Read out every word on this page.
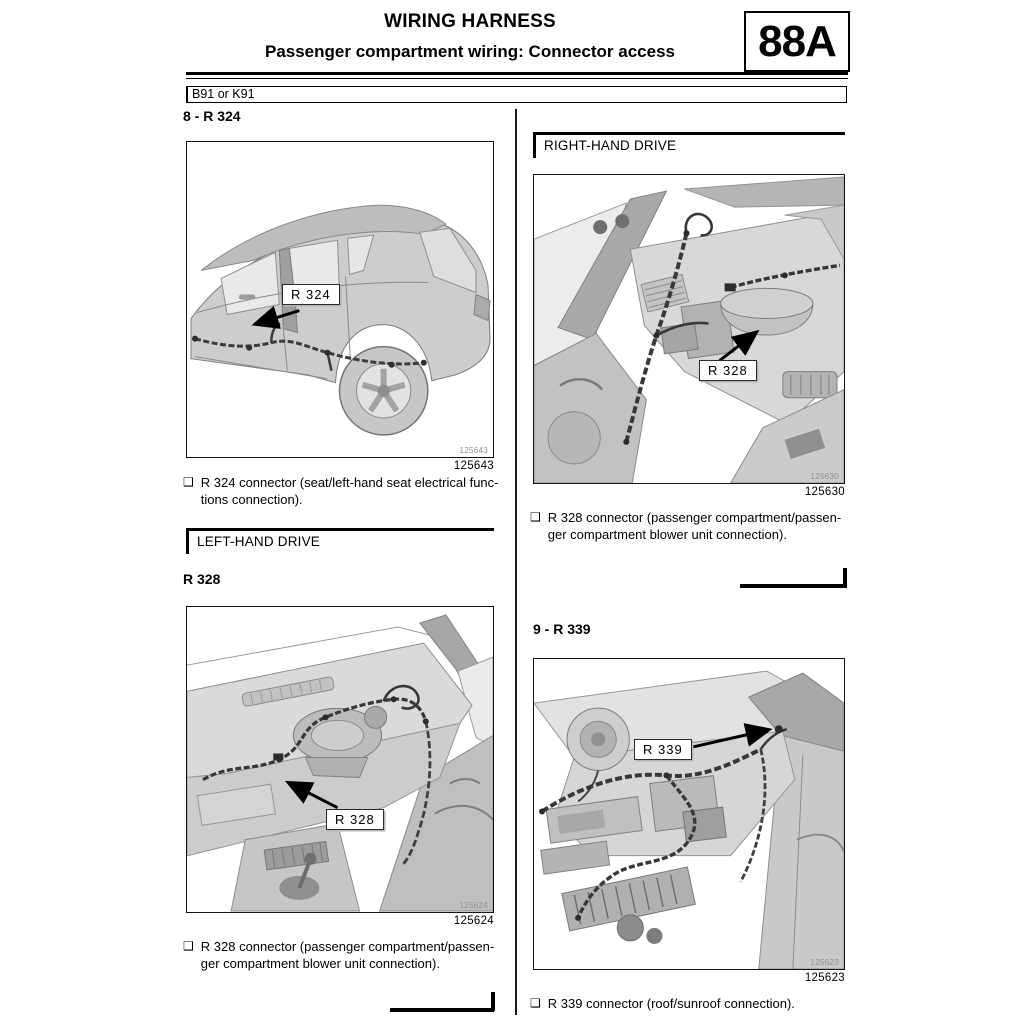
WIRING HARNESS
Passenger compartment wiring: Connector access	88A
B91 or K91
8 - R 324
R 324
125643
125643
❑ R 324 connector (seat/left-hand seat electrical func-
tions connection).
LEFT-HAND DRIVE
R 328
R 328
125624
125624
❑ R 328 connector (passenger compartment/passen-
ger compartment blower unit connection).
RIGHT-HAND DRIVE
R 328
125630
125630
❑ R 328 connector (passenger compartment/passen-
ger compartment blower unit connection).
9 - R 339
R 339
125623
125623
❑ R 339 connector (roof/sunroof connection).
